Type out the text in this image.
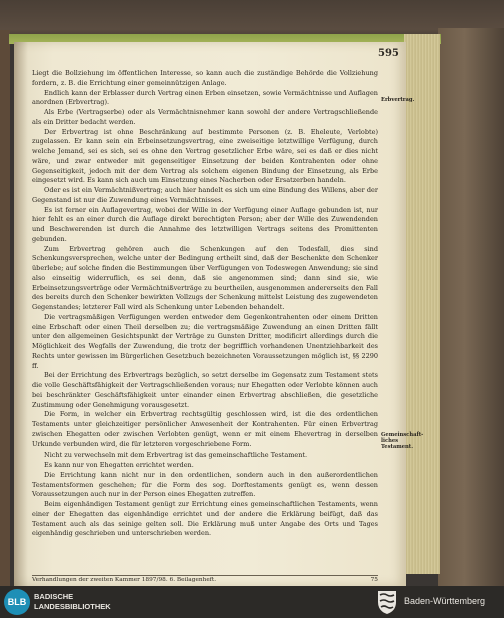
595

Liegt die Bollziehung im öffentlichen Interesse, so kann auch die zuständige Behörde die Vollziehung fordern, z. B. die Errichtung einer gemeinnützigen Anlage.

Endlich kann der Erblasser durch Vertrag einen Erben einsetzen, sowie Vermächtnisse und Auflagen anordnen (Erbvertrag).

Als Erbe (Vertragserbe) oder als Vermächtnisnehmer kann sowohl der andere Vertragschließende als ein Dritter bedacht werden.

Der Erbvertrag ist ohne Beschränkung auf bestimmte Personen (z. B. Eheleute, Verlobte) zugelassen. Er kann sein ein Erbeinsetzungsvertrag, eine zweiseitige letztwillige Verfügung, durch welche Jemand, sei es sich, sei es ohne den Vertrag gesetzlicher Erbe wäre, sei es daß er dies nicht wäre, und zwar entweder mit gegenseitiger Einsetzung der beiden Kontrahenten oder ohne Gegenseitigkeit, jedoch mit der dem Vertrag als solchem eigenen Bindung der Einsetzung, als Erbe eingesetzt wird. Es kann sich auch um Einsetzung eines Nacherben oder Ersatzerben handeln.

Oder es ist ein Vermächtnißvertrag; auch hier handelt es sich um eine Bindung des Willens, aber der Gegenstand ist nur die Zuwendung eines Vermächtnisses.

Es ist ferner ein Auflagevertrag, wobei der Wille in der Verfügung einer Auflage gebunden ist, nur hier fehlt es an einer durch die Auflage direkt berechtigten Person; aber der Wille des Zuwendenden und Beschwerenden ist durch die Annahme des letztwilligen Vertrags seitens des Promittenten gebunden.

Zum Erbvertrag gehören auch die Schenkungen auf den Todesfall, dies sind Schenkungsversprechen, welche unter der Bedingung ertheilt sind, daß der Beschenkte den Schenker überlebe; auf solche finden die Bestimmungen über Verfügungen von Todeswegen Anwendung; sie sind also einseitig widerruflich, es sei denn, daß sie angenommen sind; dann sind sie, wie Erbeinsetzungsverträge oder Vermächtnißverträge zu beurtheilen, ausgenommen andererseits den Fall des bereits durch den Schenker bewirkten Vollzugs der Schenkung mittelst Leistung des zugewendeten Gegenstandes; letzterer Fall wird als Schenkung unter Lebenden behandelt.

Die vertragsmäßigen Verfügungen werden entweder dem Gegenkontrahenten oder einem Dritten eine Erbschaft oder einen Theil derselben zu; die vertragsmäßige Zuwendung an einen Dritten fällt unter den allgemeinen Gesichtspunkt der Verträge zu Gunsten Dritter, modificirt allerdings durch die Möglichkeit des Wegfalls der Zuwendung, die trotz der begrifflich vorhandenen Unentziehbarkeit des Rechts unter gewissen im Bürgerlichen Gesetzbuch bezeichneten Voraussetzungen möglich ist, §§ 2290 ff.

Bei der Errichtung des Erbvertrags bezüglich, so setzt derselbe im Gegensatz zum Testament stets die volle Geschäftsfähigkeit der Vertragschließenden voraus; nur Ehegatten oder Verlobte können auch bei beschränkter Geschäftsfähigkeit unter einander einen Erbvertrag abschließen, die gesetzliche Zustimmung oder Genehmigung vorausgesetzt.

Die Form, in welcher ein Erbvertrag rechtsgültig geschlossen wird, ist die des ordentlichen Testaments unter gleichzeitiger persönlicher Anwesenheit der Kontrahenten. Für einen Erbvertrag zwischen Ehegatten oder zwischen Verlobten genügt, wenn er mit einem Ehevertrag in derselben Urkunde verbunden wird, die für letzteren vorgeschriebene Form.

Nicht zu verwechseln mit dem Erbvertrag ist das gemeinschaftliche Testament.

Es kann nur von Ehegatten errichtet werden.

Die Errichtung kann nicht nur in den ordentlichen, sondern auch in den außerordentlichen Testamentsformen geschehen; für die Form des sog. Dorftestaments genügt es, wenn dessen Voraussetzungen auch nur in der Person eines Ehegatten zutreffen.

Beim eigenhändigen Testament genügt zur Errichtung eines gemeinschaftlichen Testaments, wenn einer der Ehegatten das eigenhändige errichtet und der andere die Erklärung beifügt, daß das Testament auch als das seinige gelten soll. Die Erklärung muß unter Angabe des Orts und Tages eigenhändig geschrieben und unterschrieben werden.

Erbvertrag.
Gemeinschaft-
liches
Testament.
Verhandlungen der zweiten Kammer 1897/98. 6. Beilagenheft.	75
BLB
BADISCHE
LANDESBIBLIOTHEK
Baden-Württemberg
